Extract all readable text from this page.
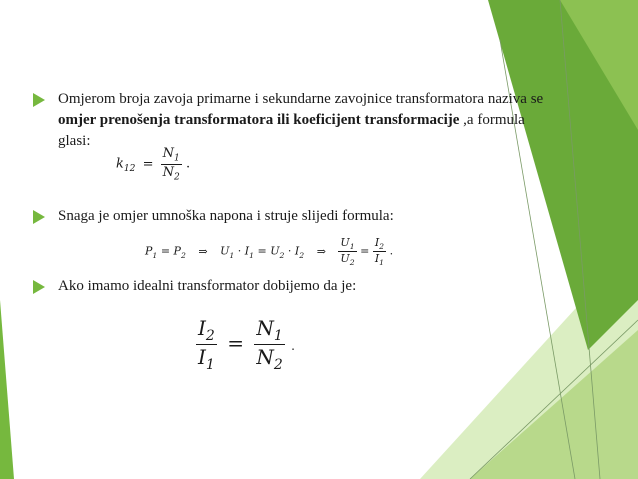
Omjerom broja zavoja primarne i sekundarne zavojnice transformatora naziva se
omjer prenošenja transformatora ili koeficijent transformacije ,a formula
glasi:
$k_{12} = \frac{N_1}{N_2}$ .
Snaga je omjer umnoška napona i struje slijedi formula:
$P_1 = P_2$ ⇒ $U_1 \cdot I_1 = U_2 \cdot I_2$ ⇒ $\frac{U_1}{U_2} = \frac{I_2}{I_1}$ .
Ako imamo idealni transformator dobijemo da je:
$\frac{I_2}{I_1} = \frac{N_1}{N_2}$ .
